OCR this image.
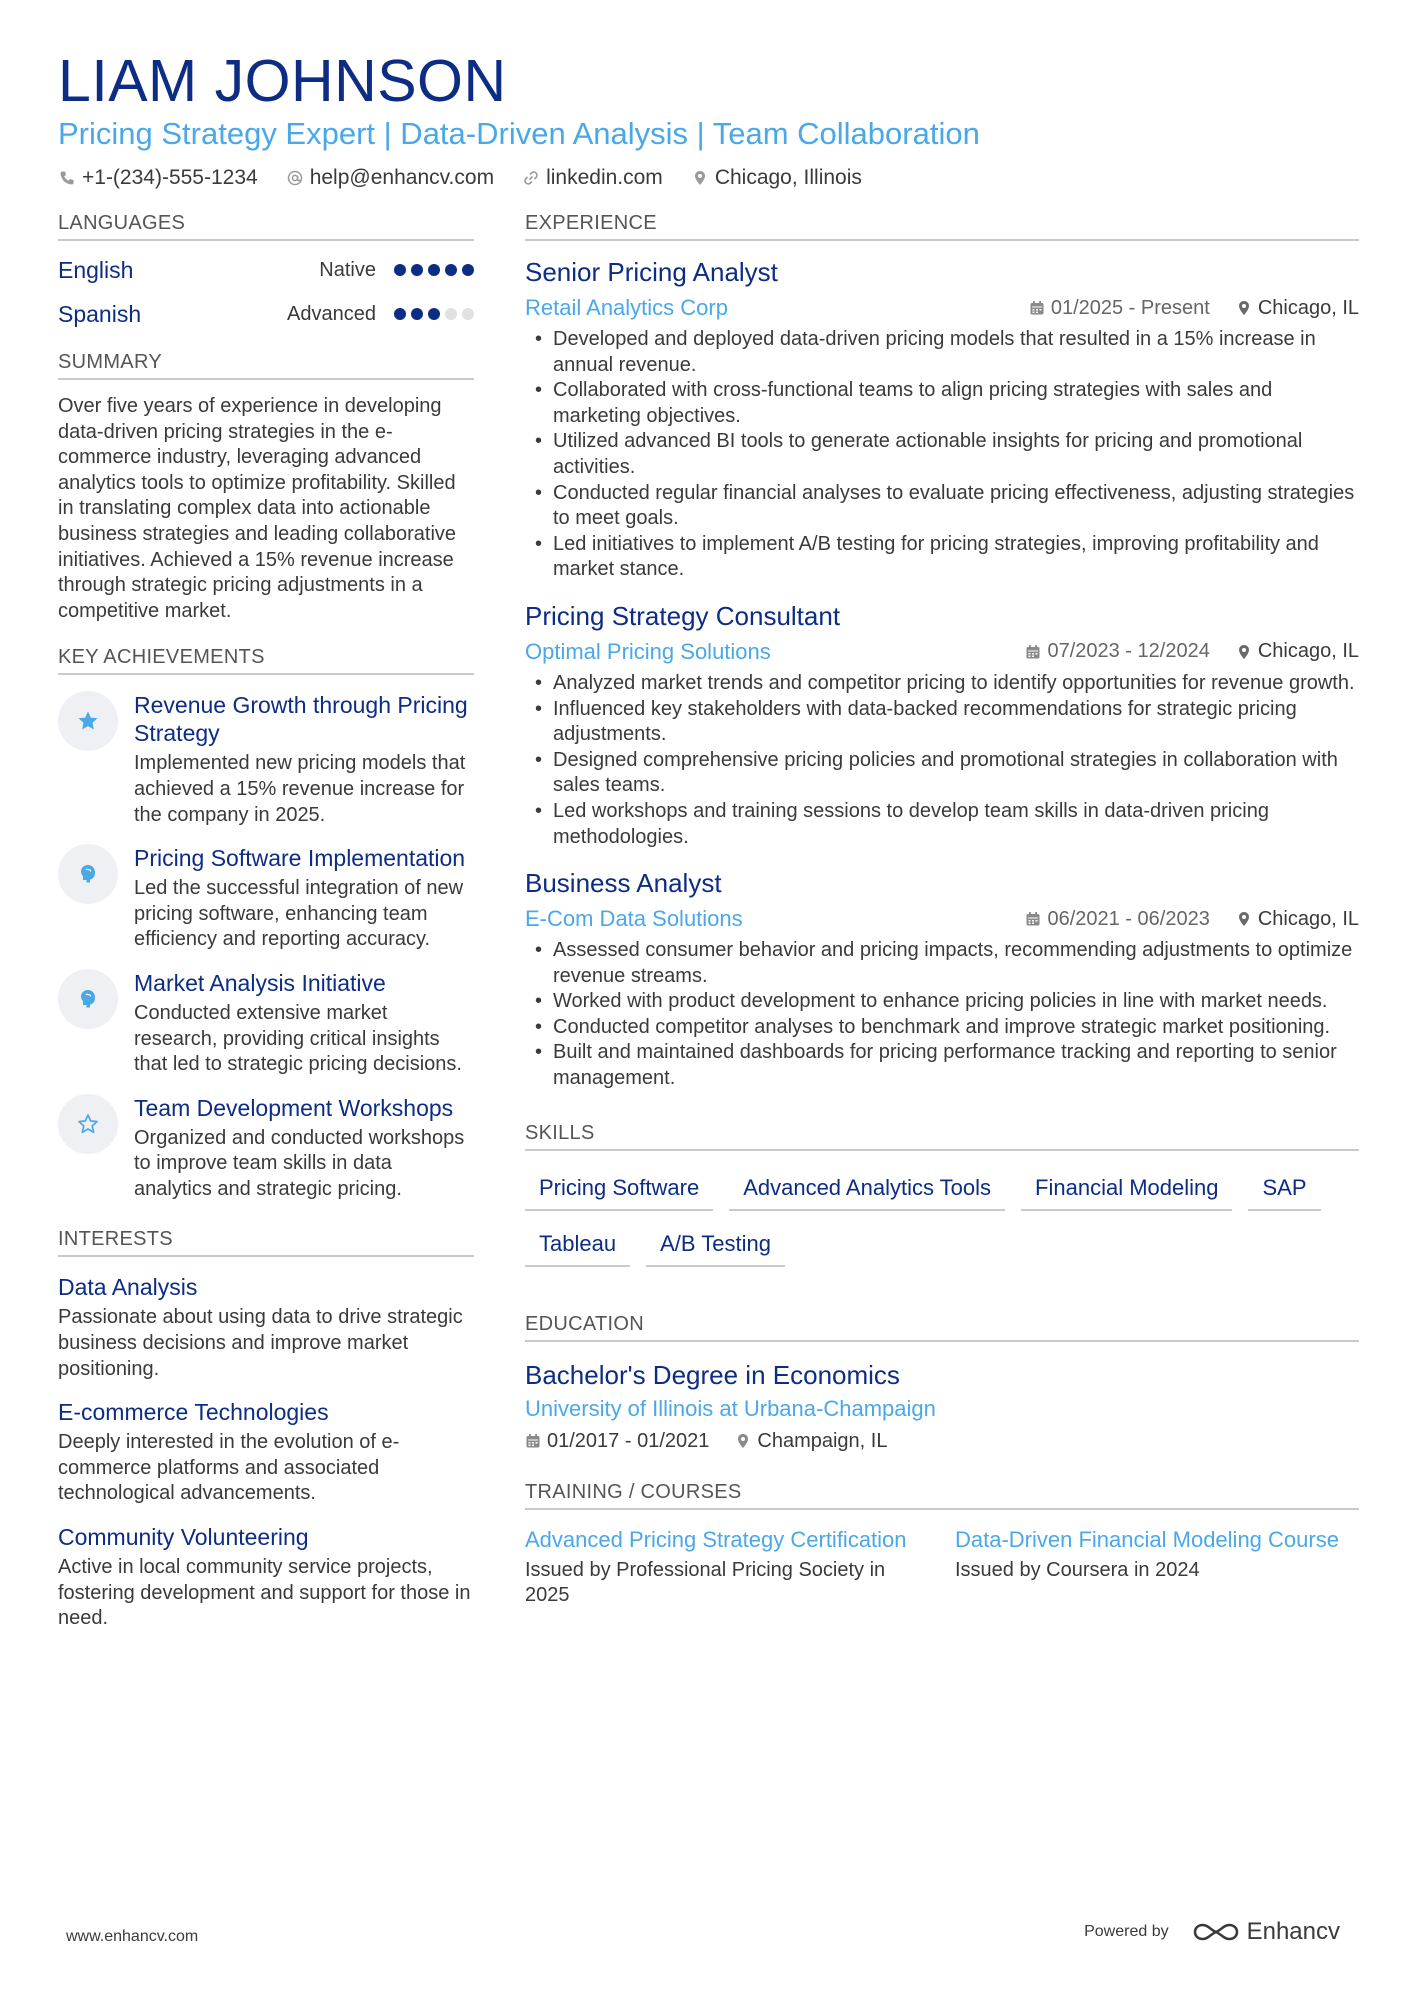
LIAM JOHNSON
Pricing Strategy Expert | Data-Driven Analysis | Team Collaboration
+1-(234)-555-1234 help@enhancv.com linkedin.com Chicago, Illinois
LANGUAGES
English	Native
Spanish	Advanced
SUMMARY
Over five years of experience in developing data-driven pricing strategies in the e-commerce industry, leveraging advanced analytics tools to optimize profitability. Skilled in translating complex data into actionable business strategies and leading collaborative initiatives. Achieved a 15% revenue increase through strategic pricing adjustments in a competitive market.
KEY ACHIEVEMENTS
Revenue Growth through Pricing Strategy
Implemented new pricing models that achieved a 15% revenue increase for the company in 2025.
Pricing Software Implementation
Led the successful integration of new pricing software, enhancing team efficiency and reporting accuracy.
Market Analysis Initiative
Conducted extensive market research, providing critical insights that led to strategic pricing decisions.
Team Development Workshops
Organized and conducted workshops to improve team skills in data analytics and strategic pricing.
INTERESTS
Data Analysis
Passionate about using data to drive strategic business decisions and improve market positioning.
E-commerce Technologies
Deeply interested in the evolution of e-commerce platforms and associated technological advancements.
Community Volunteering
Active in local community service projects, fostering development and support for those in need.
EXPERIENCE
Senior Pricing Analyst
Retail Analytics Corp	01/2025 - Present Chicago, IL
• Developed and deployed data-driven pricing models that resulted in a 15% increase in annual revenue.
• Collaborated with cross-functional teams to align pricing strategies with sales and marketing objectives.
• Utilized advanced BI tools to generate actionable insights for pricing and promotional activities.
• Conducted regular financial analyses to evaluate pricing effectiveness, adjusting strategies to meet goals.
• Led initiatives to implement A/B testing for pricing strategies, improving profitability and market stance.
Pricing Strategy Consultant
Optimal Pricing Solutions	07/2023 - 12/2024 Chicago, IL
• Analyzed market trends and competitor pricing to identify opportunities for revenue growth.
• Influenced key stakeholders with data-backed recommendations for strategic pricing adjustments.
• Designed comprehensive pricing policies and promotional strategies in collaboration with sales teams.
• Led workshops and training sessions to develop team skills in data-driven pricing methodologies.
Business Analyst
E-Com Data Solutions	06/2021 - 06/2023 Chicago, IL
• Assessed consumer behavior and pricing impacts, recommending adjustments to optimize revenue streams.
• Worked with product development to enhance pricing policies in line with market needs.
• Conducted competitor analyses to benchmark and improve strategic market positioning.
• Built and maintained dashboards for pricing performance tracking and reporting to senior management.
SKILLS
Pricing Software	Advanced Analytics Tools	Financial Modeling	SAP
Tableau	A/B Testing
EDUCATION
Bachelor's Degree in Economics
University of Illinois at Urbana-Champaign
01/2017 - 01/2021 Champaign, IL
TRAINING / COURSES
Advanced Pricing Strategy Certification
Issued by Professional Pricing Society in 2025
Data-Driven Financial Modeling Course
Issued by Coursera in 2024
www.enhancv.com	Powered by	Enhancv
